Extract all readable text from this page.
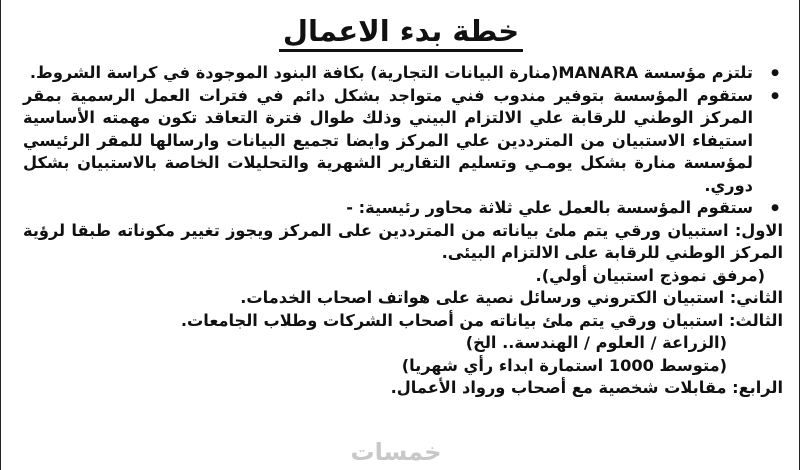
خطة بدء الاعمال

● تلتزم مؤسسة MANARA(منارة البيانات التجارية) بكافة البنود الموجودة في كراسة الشروط.

● ستقوم المؤسسة بتوفير مندوب فني متواجد بشكل دائم في فترات العمل الرسمية بمقر المركز الوطني للرقابة علي الالتزام البيني وذلك طوال فترة التعاقد تكون مهمته الأساسية استيفاء الاستبيان من المترددين علي المركز وايضا تجميع البيانات وارسالها للمقر الرئيسي لمؤسسة منارة بشكل يومـي وتسليم التقارير الشهرية والتحليلات الخاصة بالاستبيان بشكل دوري.

● ستقوم المؤسسة بالعمل علي ثلاثة محاور رئيسية: -

الاول: استبيان ورقي يتم ملئ بياناته من المترددين على المركز ويجوز تغيير مكوناته طبقا لرؤية المركز الوطني للرقابة على الالتزام البيئى.

(مرفق نموذج استبيان أولي).

الثاني: استبيان الكتروني ورسائل نصية على هواتف اصحاب الخدمات.

الثالث: استبيان ورقي يتم ملئ بياناته من أصحاب الشركات وطلاب الجامعات.

(الزراعة / العلوم / الهندسة.. الخ)

(متوسط 1000 استمارة ابداء رأي شهريا)

الرابع: مقابلات شخصية مع أصحاب ورواد الأعمال.

خمسات
